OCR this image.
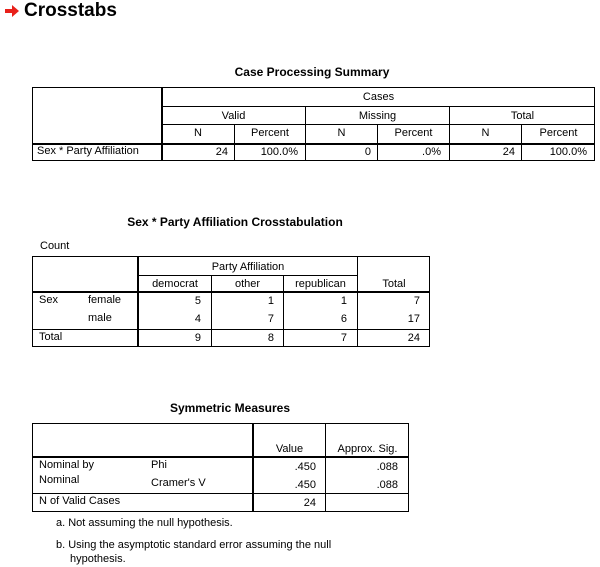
Crosstabs
Case Processing Summary
Cases
Valid	Missing	Total
N	Percent	N	Percent	N	Percent
Sex * Party Affiliation	24	100.0%	0	.0%	24	100.0%
Sex * Party Affiliation Crosstabulation
Count
Party Affiliation
democrat	other	republican	Total
Sex	female	5	1	1	7
male	4	7	6	17
Total	9	8	7	24
Symmetric Measures
Value	Approx. Sig.
Nominal by
Nominal
Phi	.450	.088
Cramer's V	.450	.088
N of Valid Cases	24
a. Not assuming the null hypothesis.
b. Using the asymptotic standard error assuming the null
hypothesis.
